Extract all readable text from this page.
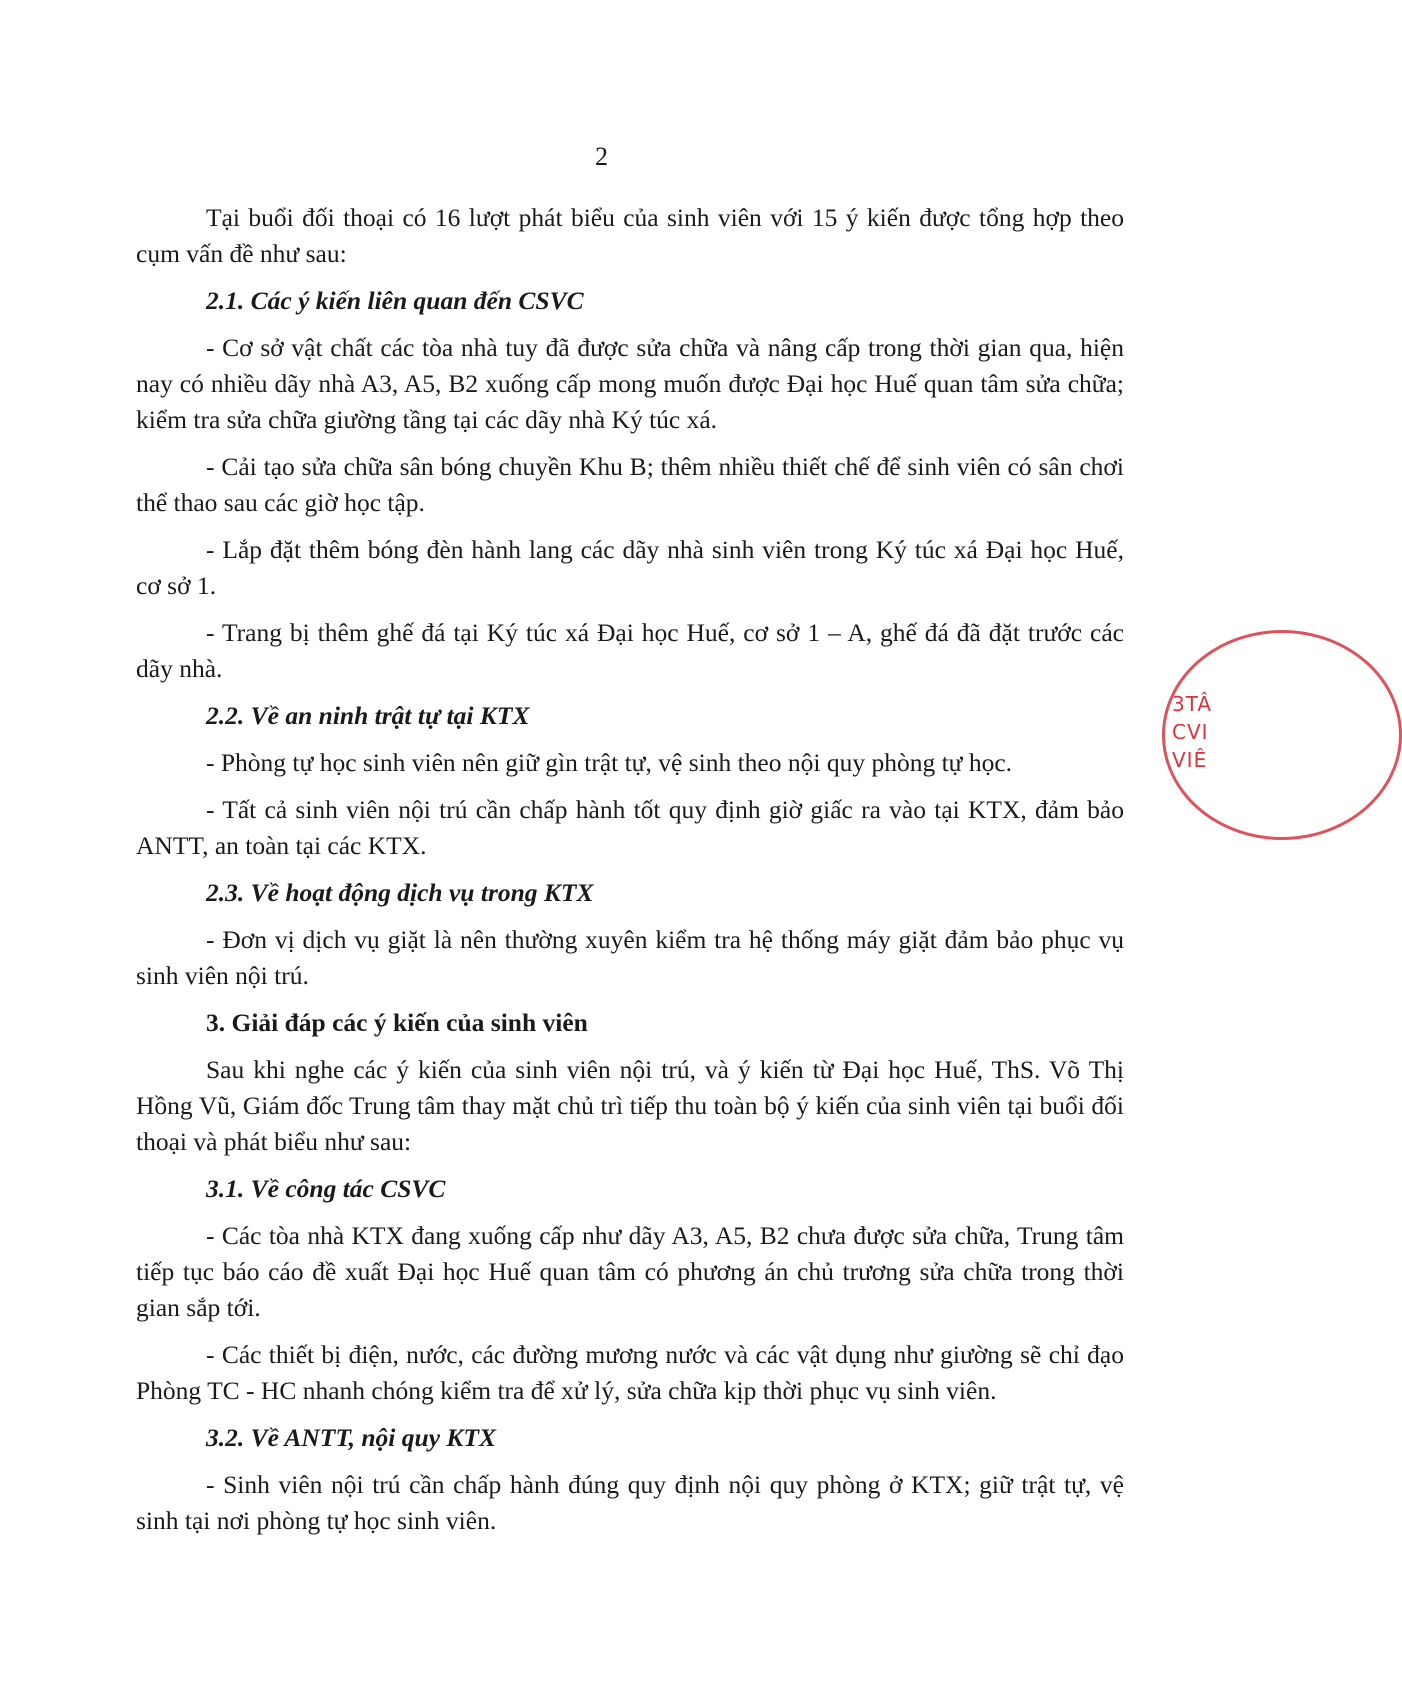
2

Tại buổi đối thoại có 16 lượt phát biểu của sinh viên với 15 ý kiến được tổng hợp theo cụm vấn đề như sau:

2.1. Các ý kiến liên quan đến CSVC

- Cơ sở vật chất các tòa nhà tuy đã được sửa chữa và nâng cấp trong thời gian qua, hiện nay có nhiều dãy nhà A3, A5, B2 xuống cấp mong muốn được Đại học Huế quan tâm sửa chữa; kiểm tra sửa chữa giường tầng tại các dãy nhà Ký túc xá.

- Cải tạo sửa chữa sân bóng chuyền Khu B; thêm nhiều thiết chế để sinh viên có sân chơi thể thao sau các giờ học tập.

- Lắp đặt thêm bóng đèn hành lang các dãy nhà sinh viên trong Ký túc xá Đại học Huế, cơ sở 1.

- Trang bị thêm ghế đá tại Ký túc xá Đại học Huế, cơ sở 1 – A, ghế đá đã đặt trước các dãy nhà.

2.2. Về an ninh trật tự tại KTX

- Phòng tự học sinh viên nên giữ gìn trật tự, vệ sinh theo nội quy phòng tự học.

- Tất cả sinh viên nội trú cần chấp hành tốt quy định giờ giấc ra vào tại KTX, đảm bảo ANTT, an toàn tại các KTX.

2.3. Về hoạt động dịch vụ trong KTX

- Đơn vị dịch vụ giặt là nên thường xuyên kiểm tra hệ thống máy giặt đảm bảo phục vụ sinh viên nội trú.

3. Giải đáp các ý kiến của sinh viên

Sau khi nghe các ý kiến của sinh viên nội trú, và ý kiến từ Đại học Huế, ThS. Võ Thị Hồng Vũ, Giám đốc Trung tâm thay mặt chủ trì tiếp thu toàn bộ ý kiến của sinh viên tại buổi đối thoại và phát biểu như sau:

3.1. Về công tác CSVC

- Các tòa nhà KTX đang xuống cấp như dãy A3, A5, B2 chưa được sửa chữa, Trung tâm tiếp tục báo cáo đề xuất Đại học Huế quan tâm có phương án chủ trương sửa chữa trong thời gian sắp tới.

- Các thiết bị điện, nước, các đường mương nước và các vật dụng như giường sẽ chỉ đạo Phòng TC - HC nhanh chóng kiểm tra để xử lý, sửa chữa kịp thời phục vụ sinh viên.

3.2. Về ANTT, nội quy KTX

- Sinh viên nội trú cần chấp hành đúng quy định nội quy phòng ở KTX; giữ trật tự, vệ sinh tại nơi phòng tự học sinh viên.

3TÂ
CVI
VIÊ
